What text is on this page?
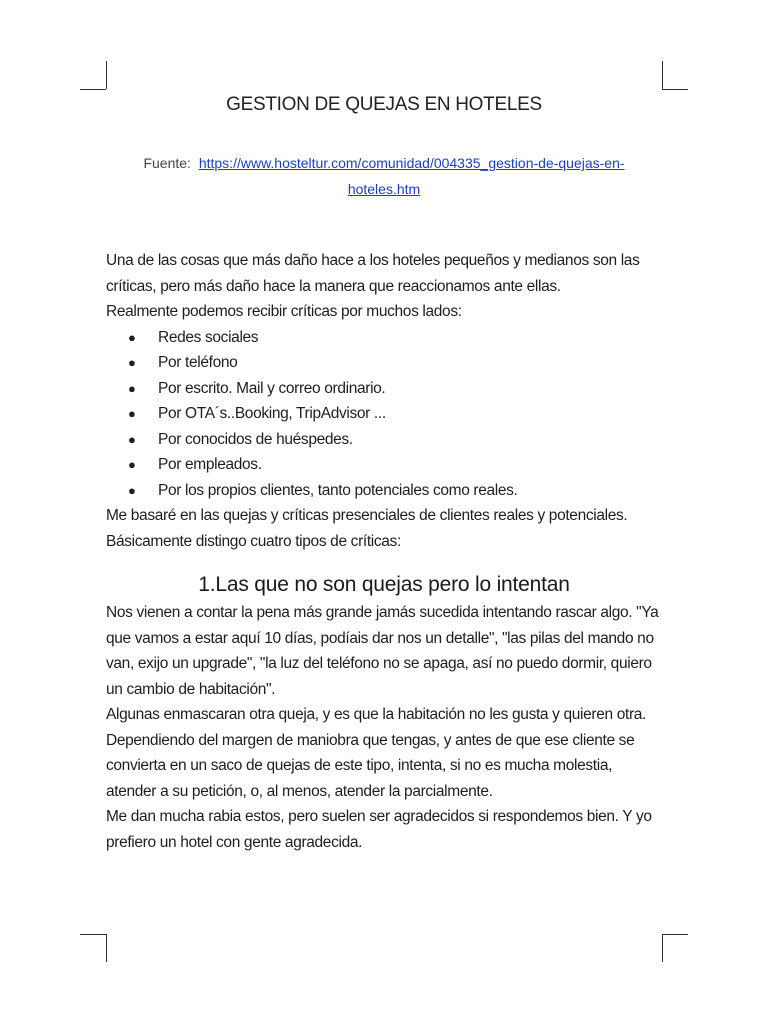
GESTION DE QUEJAS EN HOTELES
Fuente: https://www.hosteltur.com/comunidad/004335_gestion-de-quejas-en-hoteles.htm

Una de las cosas que más daño hace a los hoteles pequeños y medianos son las críticas, pero más daño hace la manera que reaccionamos ante ellas.

Realmente podemos recibir críticas por muchos lados:

● Redes sociales
● Por teléfono
● Por escrito. Mail y correo ordinario.
● Por OTA´s..Booking, TripAdvisor ...
● Por conocidos de huéspedes.
● Por empleados.
● Por los propios clientes, tanto potenciales como reales.

Me basaré en las quejas y críticas presenciales de clientes reales y potenciales.

Básicamente distingo cuatro tipos de críticas:

1.Las que no son quejas pero lo intentan

Nos vienen a contar la pena más grande jamás sucedida intentando rascar algo. "Ya que vamos a estar aquí 10 días, podíais dar nos un detalle", "las pilas del mando no van, exijo un upgrade", "la luz del teléfono no se apaga, así no puedo dormir, quiero un cambio de habitación".

Algunas enmascaran otra queja, y es que la habitación no les gusta y quieren otra.

Dependiendo del margen de maniobra que tengas, y antes de que ese cliente se convierta en un saco de quejas de este tipo, intenta, si no es mucha molestia, atender a su petición, o, al menos, atender la parcialmente.

Me dan mucha rabia estos, pero suelen ser agradecidos si respondemos bien. Y yo prefiero un hotel con gente agradecida.
